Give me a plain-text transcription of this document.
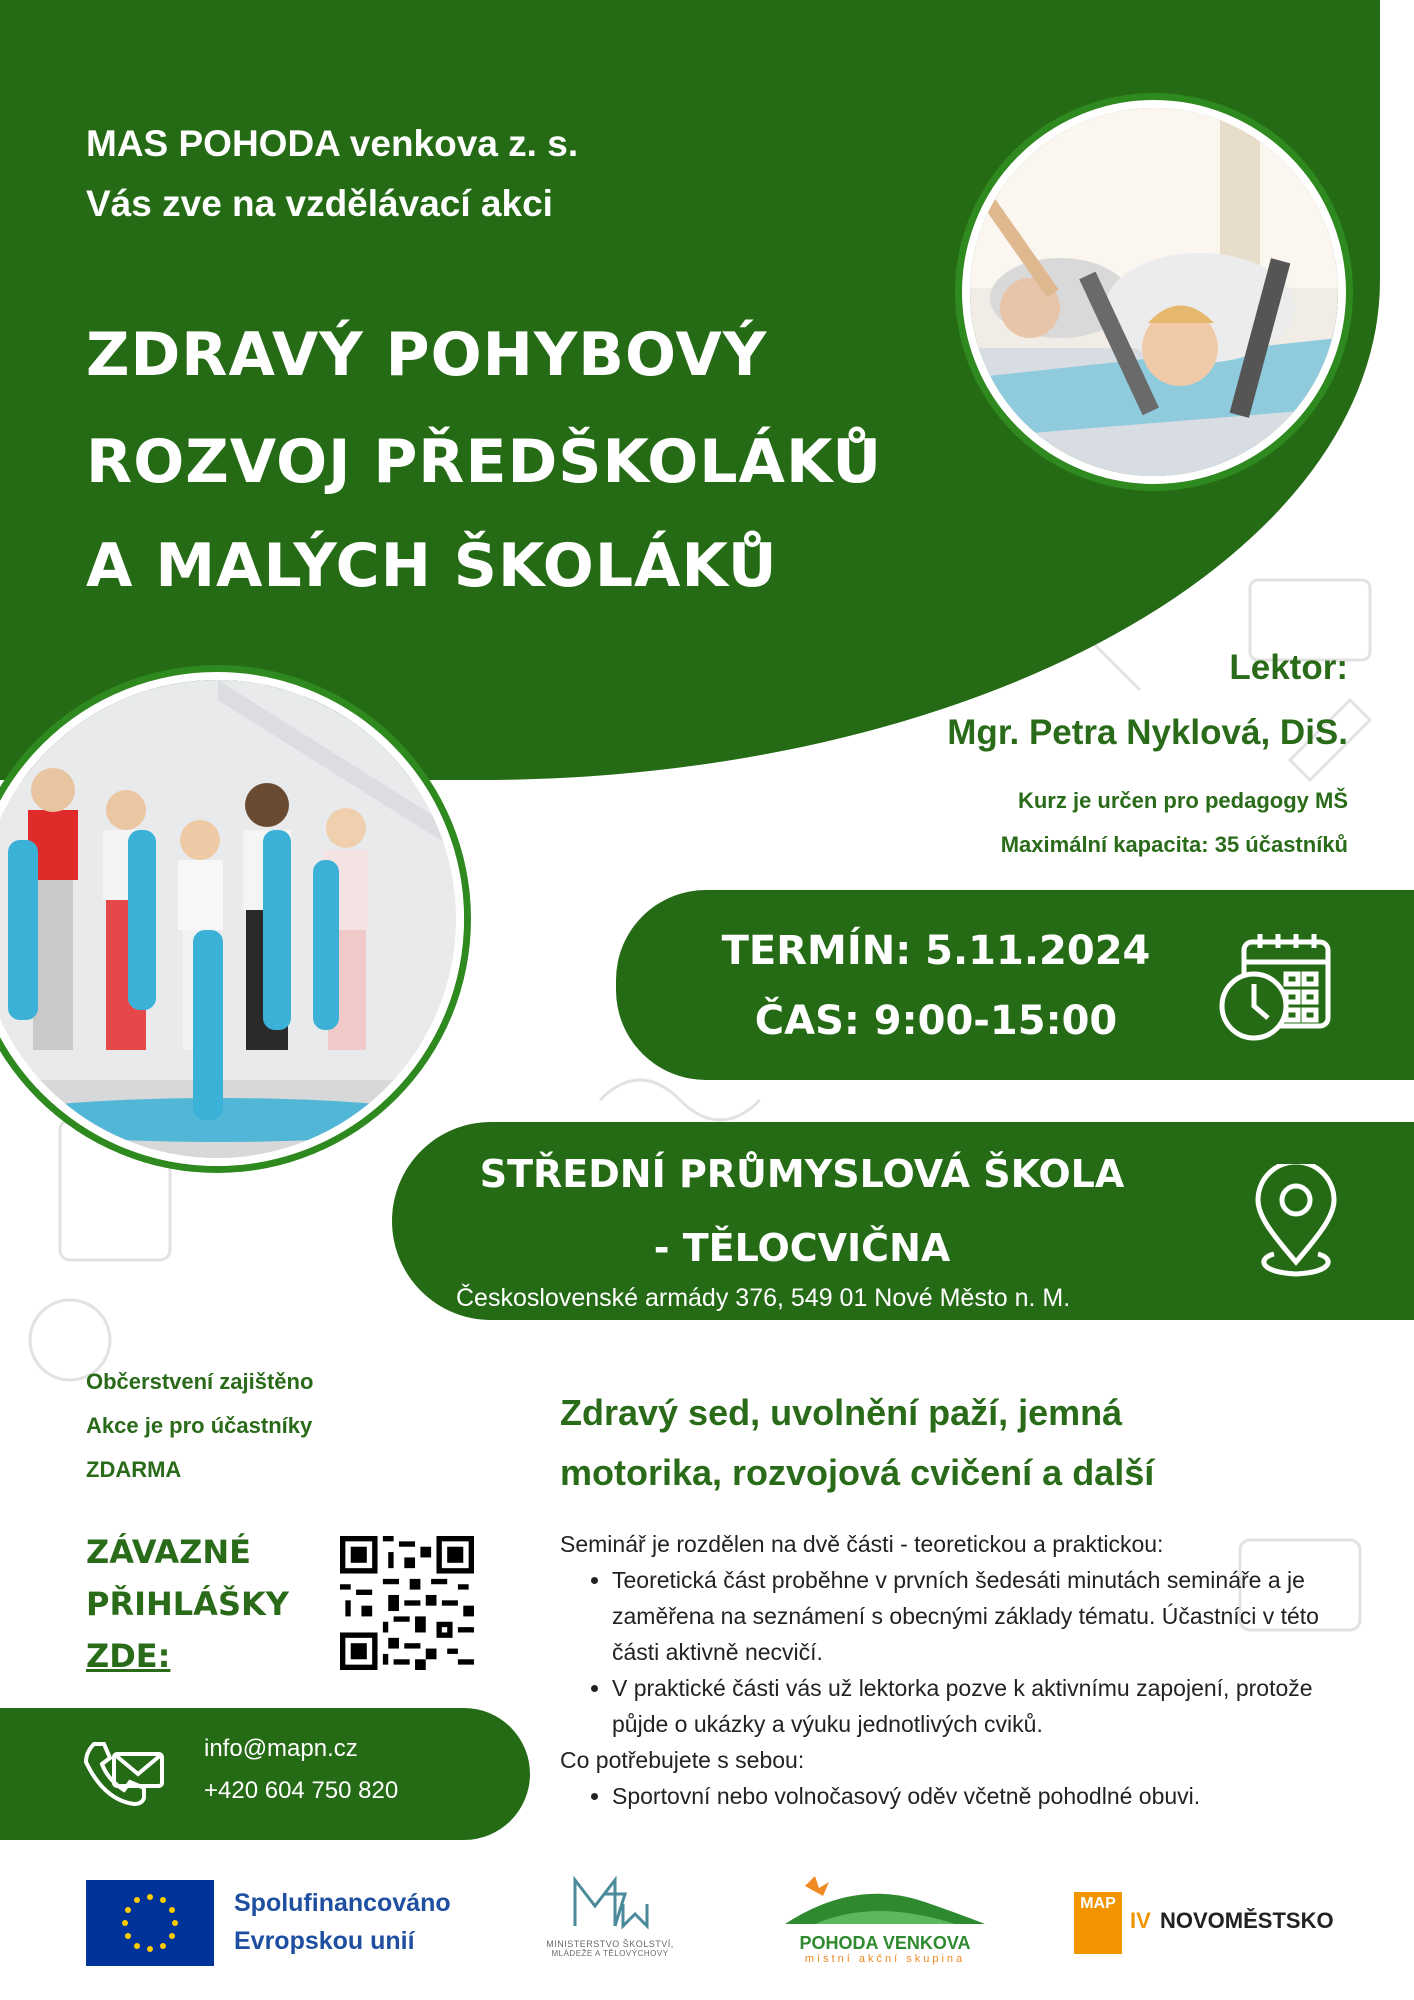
MAS POHODA venkova z. s.
Vás zve na vzdělávací akci
ZDRAVÝ POHYBOVÝ
ROZVOJ PŘEDŠKOLÁKŮ
A MALÝCH ŠKOLÁKŮ
Lektor:
Mgr. Petra Nyklová, DiS.
Kurz je určen pro pedagogy MŠ
Maximální kapacita: 35 účastníků
TERMÍN: 5.11.2024
ČAS: 9:00-15:00
STŘEDNÍ PRŮMYSLOVÁ ŠKOLA
- TĚLOCVIČNA
Československé armády 376, 549 01 Nové Město n. M.
Občerstvení zajištěno
Akce je pro účastníky
ZDARMA
ZÁVAZNÉ
PŘIHLÁŠKY
ZDE:
Zdravý sed, uvolnění paží, jemná
motorika, rozvojová cvičení a další
Seminář je rozdělen na dvě části - teoretickou a praktickou:
• Teoretická část proběhne v prvních šedesáti minutách semináře a je zaměřena na seznámení s obecnými základy tématu. Účastníci v této části aktivně necvičí.
• V praktické části vás už lektorka pozve k aktivnímu zapojení, protože půjde o ukázky a výuku jednotlivých cviků.
Co potřebujete s sebou:
• Sportovní nebo volnočasový oděv včetně pohodlné obuvi.
info@mapn.cz
+420 604 750 820
Spolufinancováno
Evropskou unií	MINISTERSTVO ŠKOLSTVÍ,
MLÁDEŽE A TĚLOVÝCHOVY
POHODA VENKOVA
místní akční skupina
MAP
IV NOVOMĚSTSKO
